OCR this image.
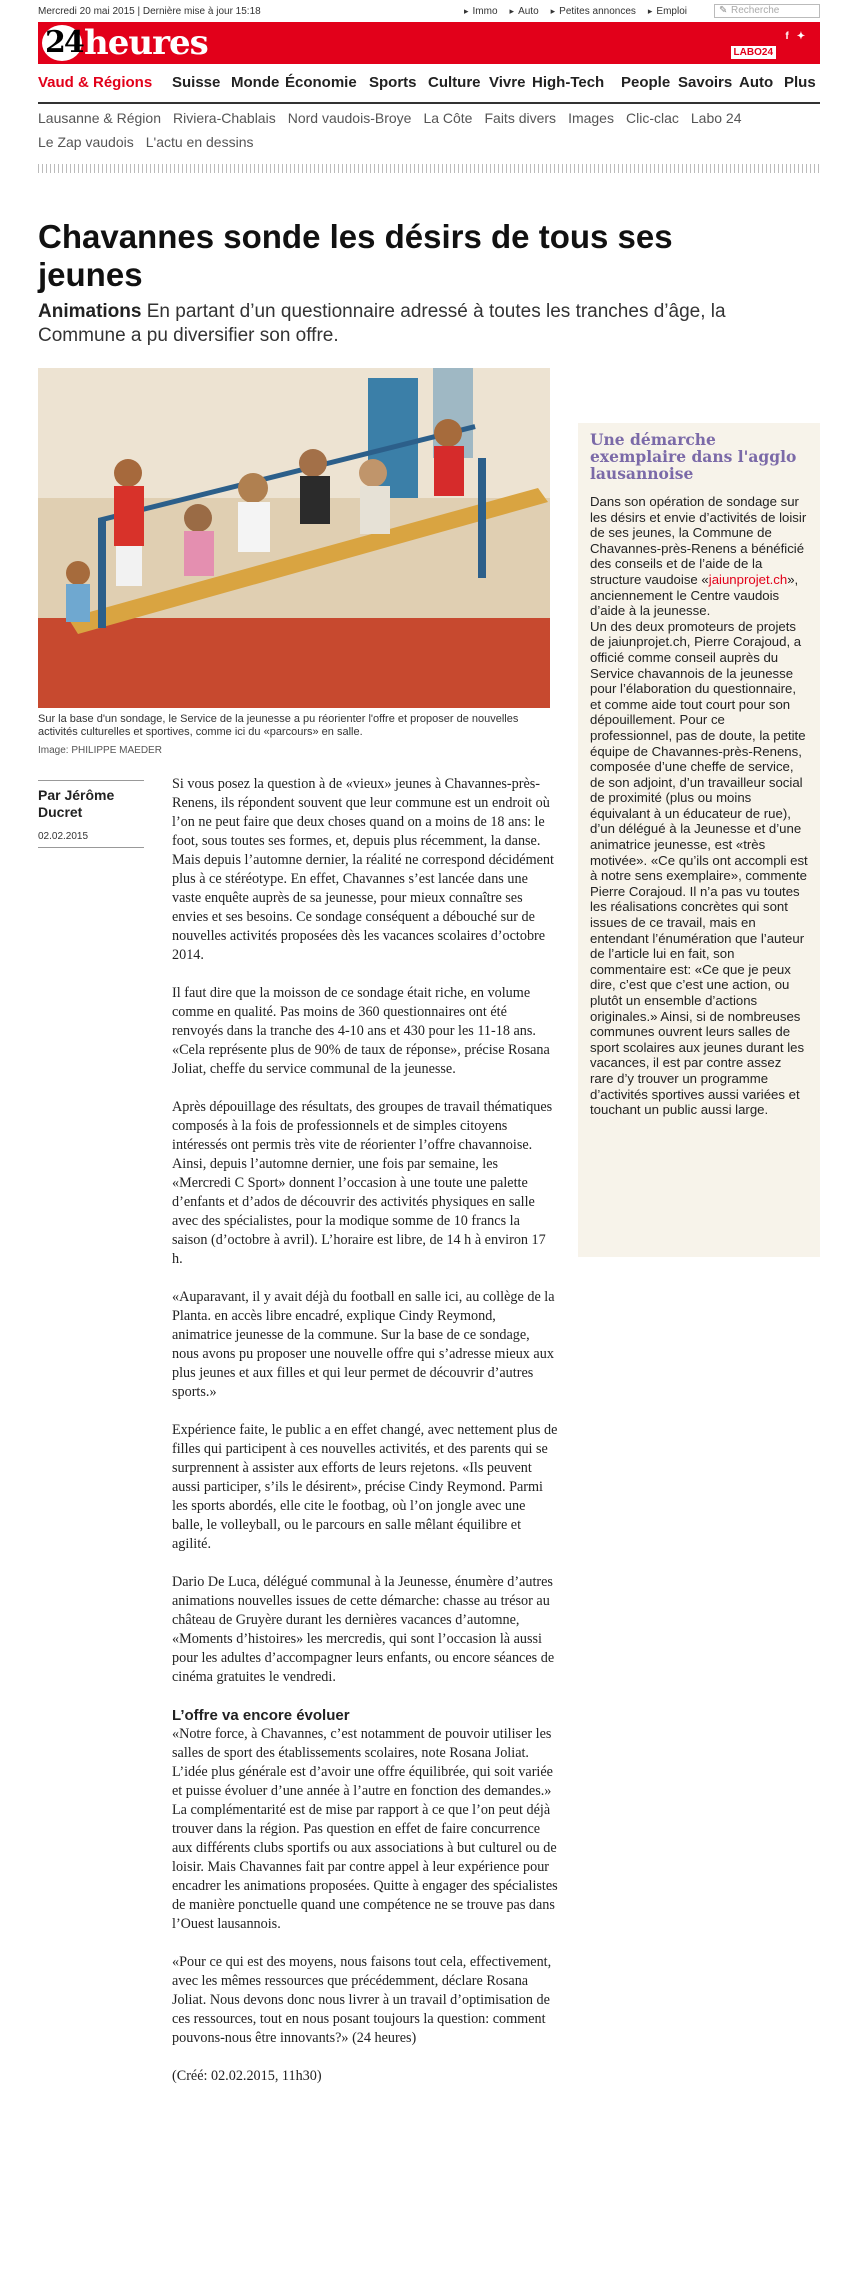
Mercredi 20 mai 2015 | Dernière mise à jour 15:18	▸ Immo	▸ Auto	▸ Petites annonces	▸ Emploi	✎ Recherche
24 heures	f ✦
LABO24
Vaud & Régions Suisse Monde Économie Sports Culture Vivre High-Tech People Savoirs Auto Plus
Lausanne & Région Riviera-Chablais Nord vaudois-Broye La Côte Faits divers Images Clic-clac Labo 24
Le Zap vaudois L'actu en dessins
Chavannes sonde les désirs de tous ses jeunes
Animations En partant d’un questionnaire adressé à toutes les tranches d’âge, la Commune a pu diversifier son offre.

Sur la base d'un sondage, le Service de la jeunesse a pu réorienter l'offre et proposer de nouvelles activités culturelles et sportives, comme ici du «parcours» en salle.

Image: PHILIPPE MAEDER

Par Jérôme Ducret
02.02.2015

Si vous posez la question à de «vieux» jeunes à Chavannes-près-Renens, ils répondent souvent que leur commune est un endroit où l’on ne peut faire que deux choses quand on a moins de 18 ans: le foot, sous toutes ses formes, et, depuis plus récemment, la danse. Mais depuis l’automne dernier, la réalité ne correspond décidément plus à ce stéréotype. En effet, Chavannes s’est lancée dans une vaste enquête auprès de sa jeunesse, pour mieux connaître ses envies et ses besoins. Ce sondage conséquent a débouché sur de nouvelles activités proposées dès les vacances scolaires d’octobre 2014.

Il faut dire que la moisson de ce sondage était riche, en volume comme en qualité. Pas moins de 360 questionnaires ont été renvoyés dans la tranche des 4-10 ans et 430 pour les 11-18 ans. «Cela représente plus de 90% de taux de réponse», précise Rosana Joliat, cheffe du service communal de la jeunesse.

Après dépouillage des résultats, des groupes de travail thématiques composés à la fois de professionnels et de simples citoyens intéressés ont permis très vite de réorienter l’offre chavannoise. Ainsi, depuis l’automne dernier, une fois par semaine, les «Mercredi C Sport» donnent l’occasion à une toute une palette d’enfants et d’ados de découvrir des activités physiques en salle avec des spécialistes, pour la modique somme de 10 francs la saison (d’octobre à avril). L’horaire est libre, de 14 h à environ 17 h.

«Auparavant, il y avait déjà du football en salle ici, au collège de la Planta. en accès libre encadré, explique Cindy Reymond, animatrice jeunesse de la commune. Sur la base de ce sondage, nous avons pu proposer une nouvelle offre qui s’adresse mieux aux plus jeunes et aux filles et qui leur permet de découvrir d’autres sports.»

Expérience faite, le public a en effet changé, avec nettement plus de filles qui participent à ces nouvelles activités, et des parents qui se surprennent à assister aux efforts de leurs rejetons. «Ils peuvent aussi participer, s’ils le désirent», précise Cindy Reymond. Parmi les sports abordés, elle cite le footbag, où l’on jongle avec une balle, le volleyball, ou le parcours en salle mêlant équilibre et agilité.

Dario De Luca, délégué communal à la Jeunesse, énumère d’autres animations nouvelles issues de cette démarche: chasse au trésor au château de Gruyère durant les dernières vacances d’automne, «Moments d’histoires» les mercredis, qui sont l’occasion là aussi pour les adultes d’accompagner leurs enfants, ou encore séances de cinéma gratuites le vendredi.

L’offre va encore évoluer

«Notre force, à Chavannes, c’est notamment de pouvoir utiliser les salles de sport des établissements scolaires, note Rosana Joliat. L’idée plus générale est d’avoir une offre équilibrée, qui soit variée et puisse évoluer d’une année à l’autre en fonction des demandes.» La complémentarité est de mise par rapport à ce que l’on peut déjà trouver dans la région. Pas question en effet de faire concurrence aux différents clubs sportifs ou aux associations à but culturel ou de loisir. Mais Chavannes fait par contre appel à leur expérience pour encadrer les animations proposées. Quitte à engager des spécialistes de manière ponctuelle quand une compétence ne se trouve pas dans l’Ouest lausannois.

«Pour ce qui est des moyens, nous faisons tout cela, effectivement, avec les mêmes ressources que précédemment, déclare Rosana Joliat. Nous devons donc nous livrer à un travail d’optimisation de ces ressources, tout en nous posant toujours la question: comment pouvons-nous être innovants?» (24 heures)

(Créé: 02.02.2015, 11h30)

Une démarche exemplaire dans l'agglo lausannoise
Dans son opération de sondage sur les désirs et envie d’activités de loisir de ses jeunes, la Commune de Chavannes-près-Renens a bénéficié des conseils et de l’aide de la structure vaudoise «jaiunprojet.ch», anciennement le Centre vaudois d’aide à la jeunesse.
Un des deux promoteurs de projets de jaiunprojet.ch, Pierre Corajoud, a officié comme conseil auprès du Service chavannois de la jeunesse pour l’élaboration du questionnaire, et comme aide tout court pour son dépouillement. Pour ce professionnel, pas de doute, la petite équipe de Chavannes-près-Renens, composée d’une cheffe de service, de son adjoint, d’un travailleur social de proximité (plus ou moins équivalant à un éducateur de rue), d’un délégué à la Jeunesse et d’une animatrice jeunesse, est «très motivée». «Ce qu’ils ont accompli est à notre sens exemplaire», commente Pierre Corajoud. Il n’a pas vu toutes les réalisations concrètes qui sont issues de ce travail, mais en entendant l’énumération que l’auteur de l’article lui en fait, son commentaire est: «Ce que je peux dire, c’est que c’est une action, ou plutôt un ensemble d’actions originales.» Ainsi, si de nombreuses communes ouvrent leurs salles de sport scolaires aux jeunes durant les vacances, il est par contre assez rare d’y trouver un programme d’activités sportives aussi variées et touchant un public aussi large.
